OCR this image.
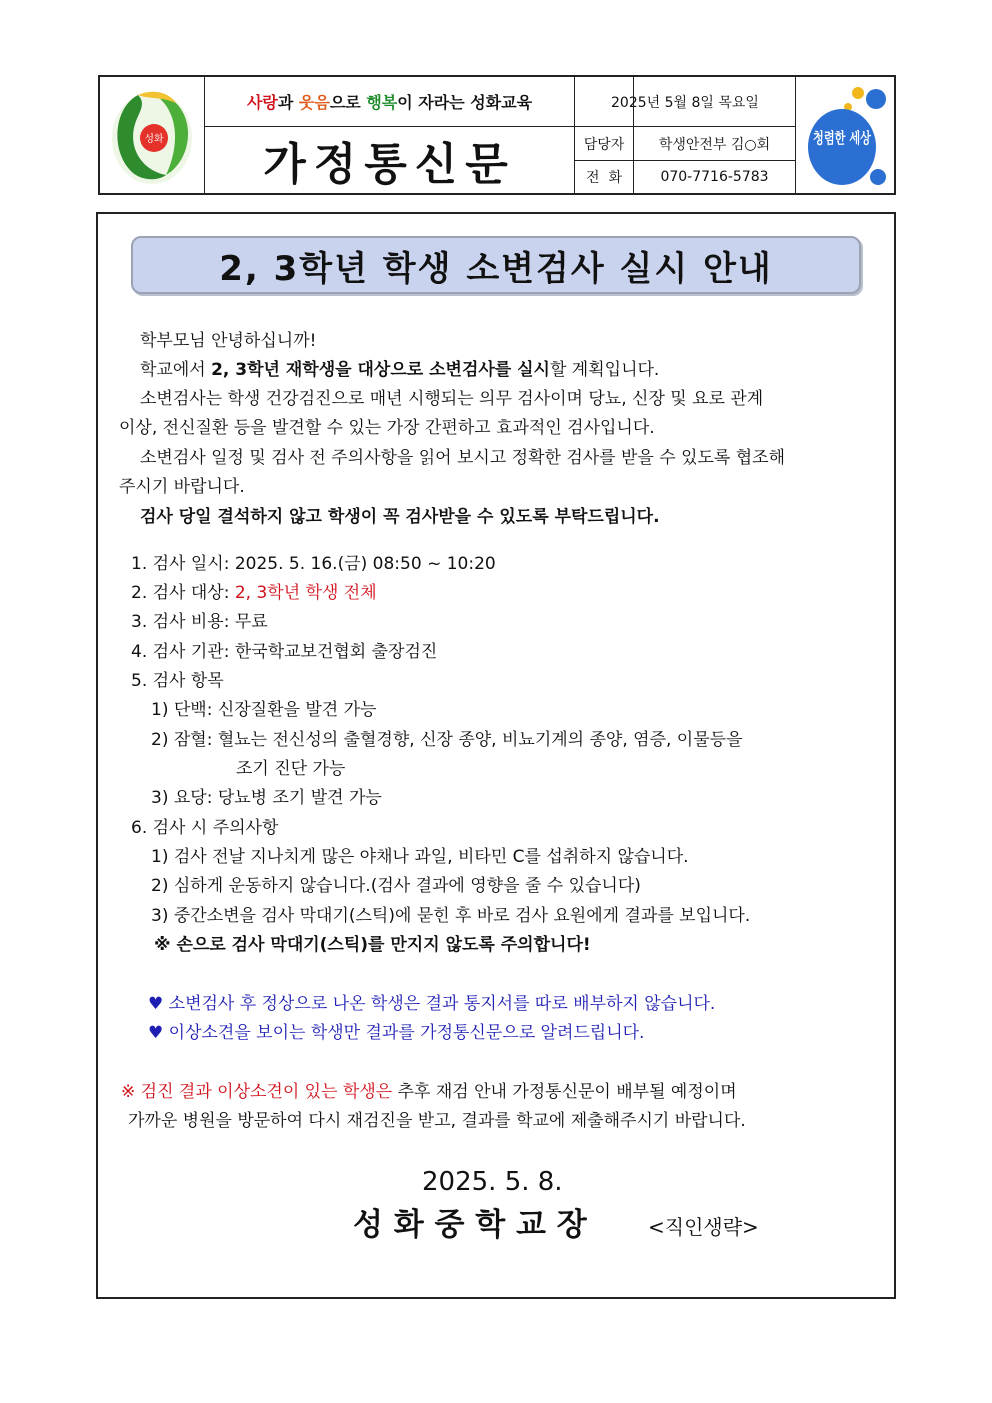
성화
사랑 과 웃음 으로 행복 이 자라는 성화교육
가정통신문
2025년 5월 8일 목요일
담당자	학생안전부 김○회
전  화	070-7716-5783
청렴한 세상
2, 3학년 학생 소변검사 실시 안내
학부모님 안녕하십니까!
학교에서 2, 3학년 재학생을 대상으로 소변검사를 실시할 계획입니다.
소변검사는 학생 건강검진으로 매년 시행되는 의무 검사이며 당뇨, 신장 및 요로 관계
이상, 전신질환 등을 발견할 수 있는 가장 간편하고 효과적인 검사입니다.
소변검사 일정 및 검사 전 주의사항을 읽어 보시고 정확한 검사를 받을 수 있도록 협조해
주시기 바랍니다.
검사 당일 결석하지 않고 학생이 꼭 검사받을 수 있도록 부탁드립니다.
1. 검사 일시: 2025. 5. 16.(금) 08:50 ~ 10:20
2. 검사 대상: 2, 3학년 학생 전체
3. 검사 비용: 무료
4. 검사 기관: 한국학교보건협회 출장검진
5. 검사 항목
1) 단백: 신장질환을 발견 가능
2) 잠혈: 혈뇨는 전신성의 출혈경향, 신장 종양, 비뇨기계의 종양, 염증, 이물등을
조기 진단 가능
3) 요당: 당뇨병 조기 발견 가능
6. 검사 시 주의사항
1) 검사 전날 지나치게 많은 야채나 과일, 비타민 C를 섭취하지 않습니다.
2) 심하게 운동하지 않습니다.(검사 결과에 영향을 줄 수 있습니다)
3) 중간소변을 검사 막대기(스틱)에 묻힌 후 바로 검사 요원에게 결과를 보입니다.
※ 손으로 검사 막대기(스틱)를 만지지 않도록 주의합니다!
♥ 소변검사 후 정상으로 나온 학생은 결과 통지서를 따로 배부하지 않습니다.
♥ 이상소견을 보이는 학생만 결과를 가정통신문으로 알려드립니다.
※ 검진 결과 이상소견이 있는 학생은 추후 재검 안내 가정통신문이 배부될 예정이며
가까운 병원을 방문하여 다시 재검진을 받고, 결과를 학교에 제출해주시기 바랍니다.
2025. 5. 8.
성 화 중 학 교 장	<직인생략>
